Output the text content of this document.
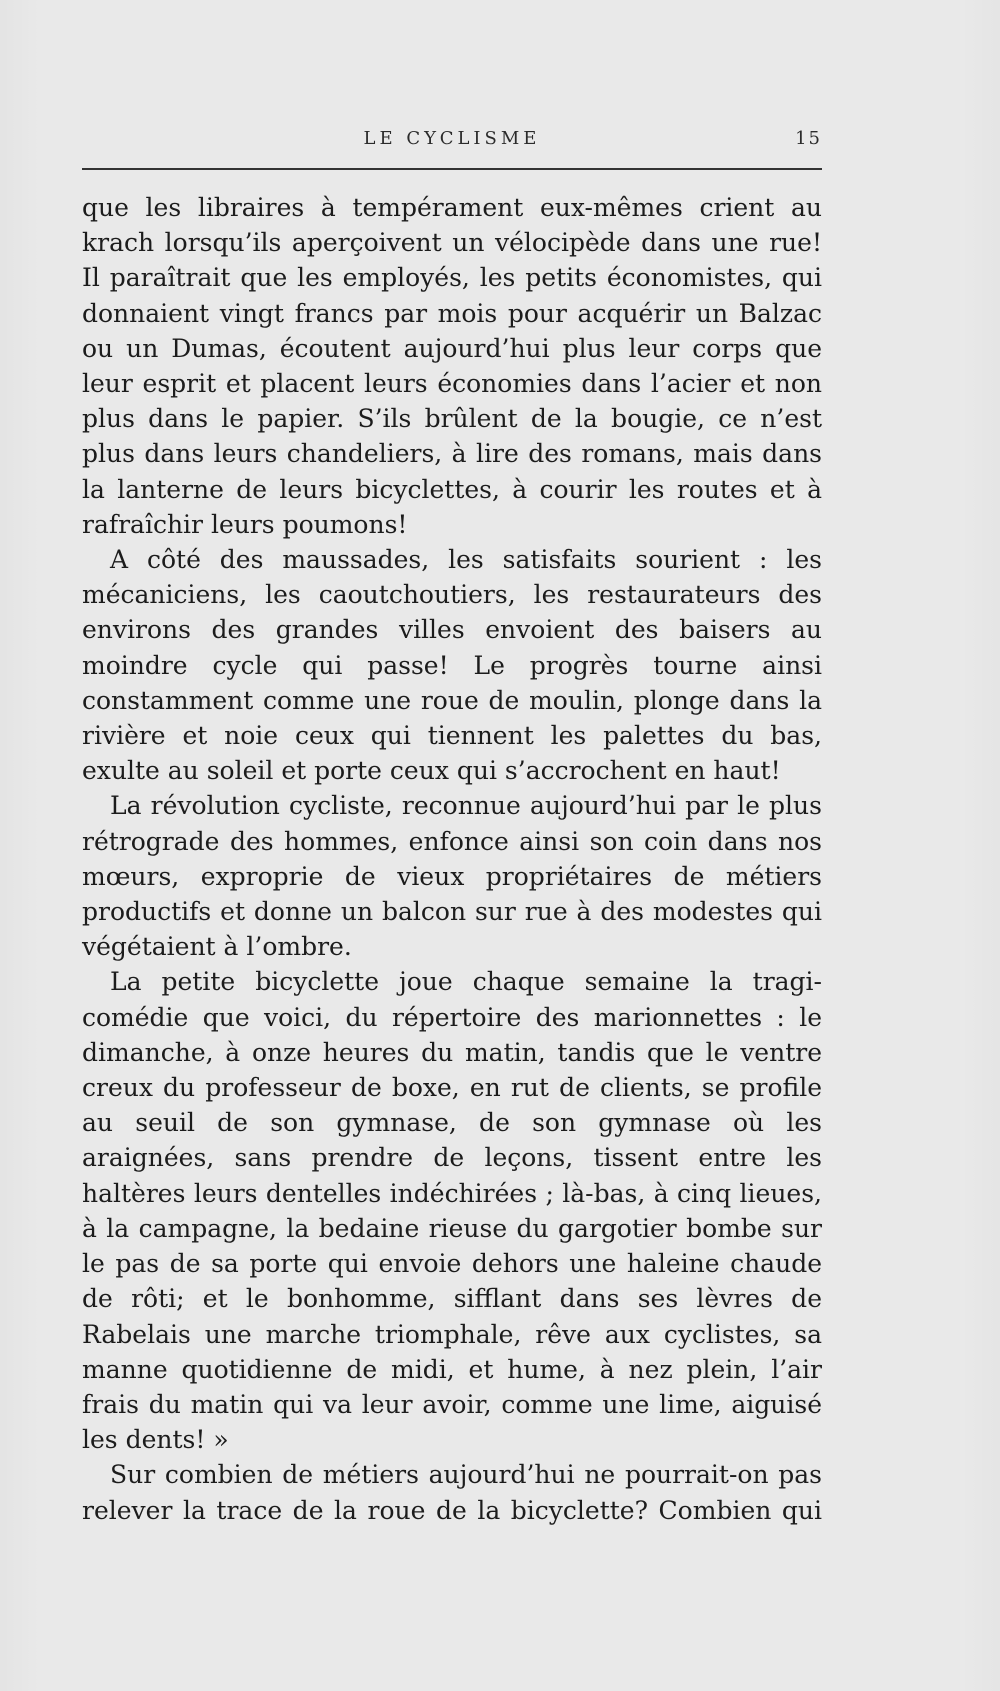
LE CYCLISME	15

que les libraires à tempérament eux-mêmes crient au krach lorsqu’ils aperçoivent un vélocipède dans une rue! Il paraîtrait que les employés, les petits économistes, qui donnaient vingt francs par mois pour acquérir un Balzac ou un Dumas, écoutent aujourd’hui plus leur corps que leur esprit et placent leurs économies dans l’acier et non plus dans le papier. S’ils brûlent de la bougie, ce n’est plus dans leurs chandeliers, à lire des romans, mais dans la lanterne de leurs bicyclettes, à courir les routes et à rafraîchir leurs poumons!

A côté des maussades, les satisfaits sourient : les mécaniciens, les caoutchoutiers, les restaurateurs des environs des grandes villes envoient des baisers au moindre cycle qui passe! Le progrès tourne ainsi constamment comme une roue de moulin, plonge dans la rivière et noie ceux qui tiennent les palettes du bas, exulte au soleil et porte ceux qui s’accrochent en haut!

La révolution cycliste, reconnue aujourd’hui par le plus rétrograde des hommes, enfonce ainsi son coin dans nos mœurs, exproprie de vieux propriétaires de métiers productifs et donne un balcon sur rue à des modestes qui végétaient à l’ombre.

La petite bicyclette joue chaque semaine la tragi-comédie que voici, du répertoire des marionnettes : le dimanche, à onze heures du matin, tandis que le ventre creux du professeur de boxe, en rut de clients, se profile au seuil de son gymnase, de son gymnase où les araignées, sans prendre de leçons, tissent entre les haltères leurs dentelles indéchirées ; là-bas, à cinq lieues, à la campagne, la bedaine rieuse du gargotier bombe sur le pas de sa porte qui envoie dehors une haleine chaude de rôti; et le bonhomme, sifflant dans ses lèvres de Rabelais une marche triomphale, rêve aux cyclistes, sa manne quotidienne de midi, et hume, à nez plein, l’air frais du matin qui va leur avoir, comme une lime, aiguisé les dents! »

Sur combien de métiers aujourd’hui ne pourrait-on pas relever la trace de la roue de la bicyclette? Combien qui
